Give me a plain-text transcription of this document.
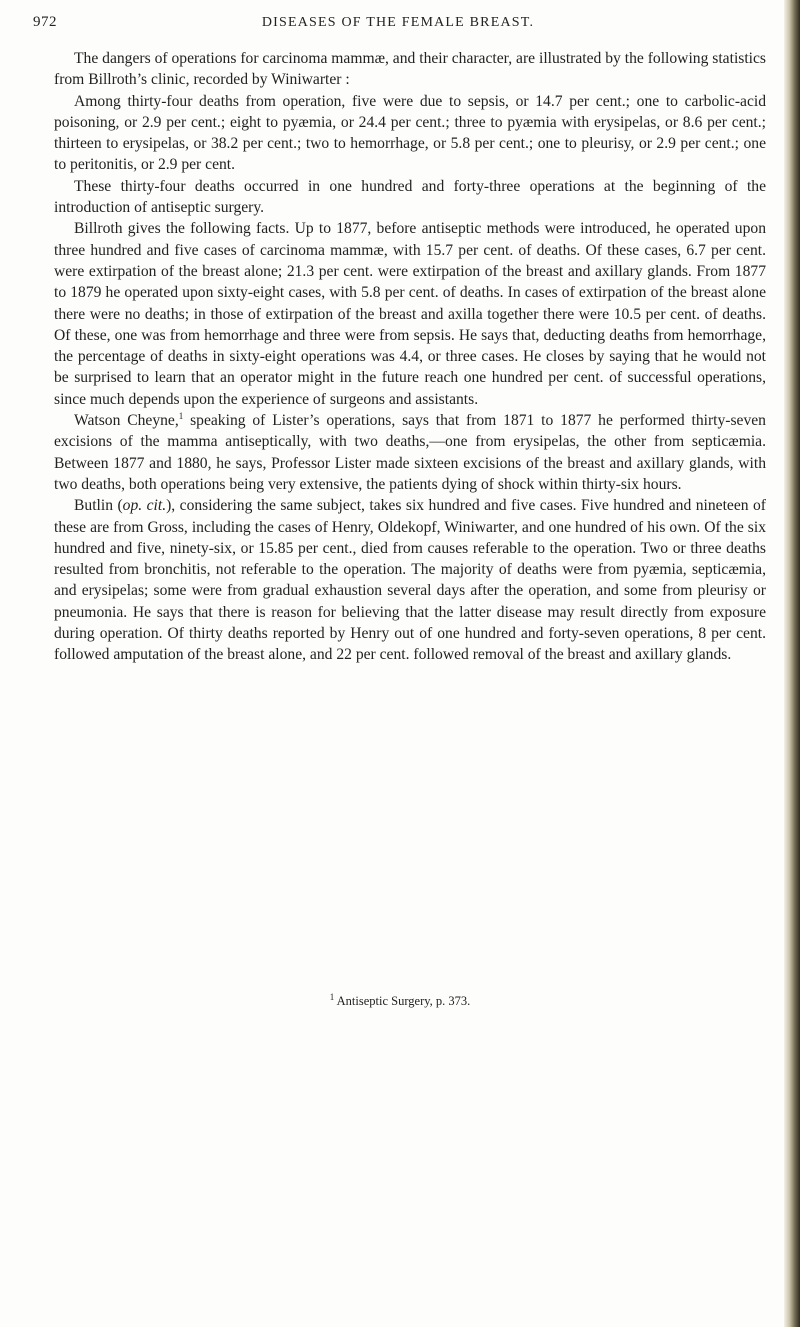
972	DISEASES OF THE FEMALE BREAST.

The dangers of operations for carcinoma mammæ, and their character, are illustrated by the following statistics from Billroth’s clinic, recorded by Winiwarter :

Among thirty-four deaths from operation, five were due to sepsis, or 14.7 per cent.; one to carbolic-acid poisoning, or 2.9 per cent.; eight to pyæmia, or 24.4 per cent.; three to pyæmia with erysipelas, or 8.6 per cent.; thirteen to erysipelas, or 38.2 per cent.; two to hemorrhage, or 5.8 per cent.; one to pleurisy, or 2.9 per cent.; one to peritonitis, or 2.9 per cent.

These thirty-four deaths occurred in one hundred and forty-three operations at the beginning of the introduction of antiseptic surgery.

Billroth gives the following facts. Up to 1877, before antiseptic methods were introduced, he operated upon three hundred and five cases of carcinoma mammæ, with 15.7 per cent. of deaths. Of these cases, 6.7 per cent. were extirpation of the breast alone; 21.3 per cent. were extirpation of the breast and axillary glands. From 1877 to 1879 he operated upon sixty-eight cases, with 5.8 per cent. of deaths. In cases of extirpation of the breast alone there were no deaths; in those of extirpation of the breast and axilla together there were 10.5 per cent. of deaths. Of these, one was from hemorrhage and three were from sepsis. He says that, deducting deaths from hemorrhage, the percentage of deaths in sixty-eight operations was 4.4, or three cases. He closes by saying that he would not be surprised to learn that an operator might in the future reach one hundred per cent. of successful operations, since much depends upon the experience of surgeons and assistants.

Watson Cheyne,$^1$ speaking of Lister’s operations, says that from 1871 to 1877 he performed thirty-seven excisions of the mamma antiseptically, with two deaths,—one from erysipelas, the other from septicæmia. Between 1877 and 1880, he says, Professor Lister made sixteen excisions of the breast and axillary glands, with two deaths, both operations being very extensive, the patients dying of shock within thirty-six hours.

Butlin (op. cit.), considering the same subject, takes six hundred and five cases. Five hundred and nineteen of these are from Gross, including the cases of Henry, Oldekopf, Winiwarter, and one hundred of his own. Of the six hundred and five, ninety-six, or 15.85 per cent., died from causes referable to the operation. Two or three deaths resulted from bronchitis, not referable to the operation. The majority of deaths were from pyæmia, septicæmia, and erysipelas; some were from gradual exhaustion several days after the operation, and some from pleurisy or pneumonia. He says that there is reason for believing that the latter disease may result directly from exposure during operation. Of thirty deaths reported by Henry out of one hundred and forty-seven operations, 8 per cent. followed amputation of the breast alone, and 22 per cent. followed removal of the breast and axillary glands.

$^1$ Antiseptic Surgery, p. 373.
